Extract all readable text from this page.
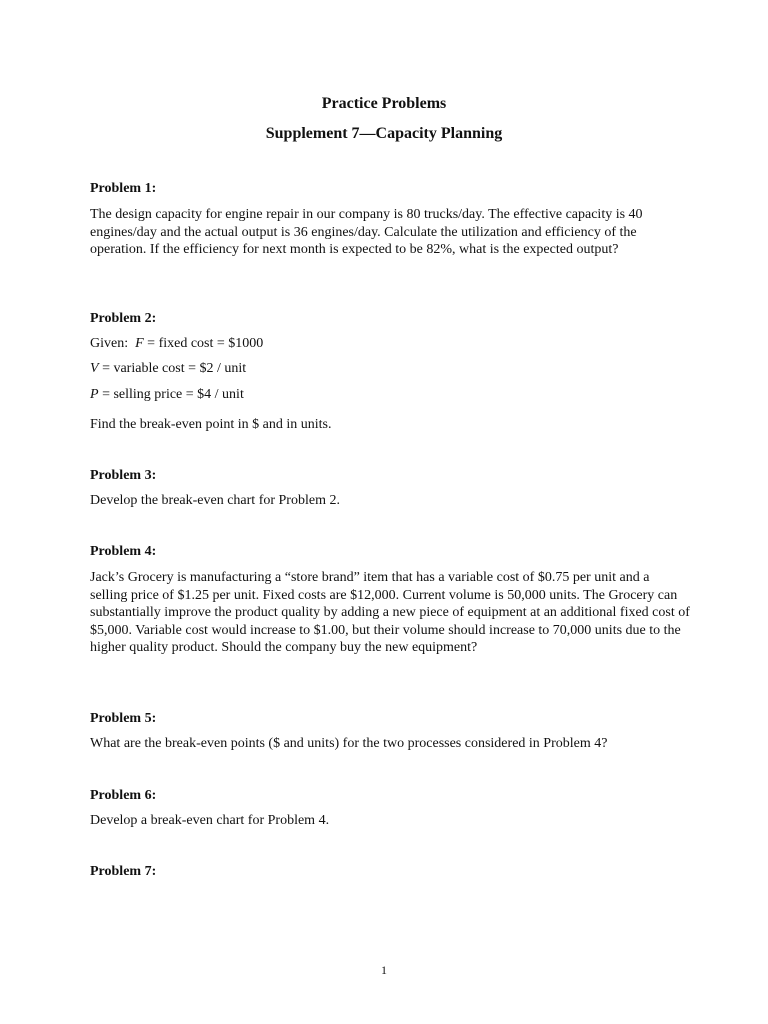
Practice Problems
Supplement 7—Capacity Planning

Problem 1:

The design capacity for engine repair in our company is 80 trucks/day. The effective capacity is 40 engines/day and the actual output is 36 engines/day. Calculate the utilization and efficiency of the operation. If the efficiency for next month is expected to be 82%, what is the expected output?

Problem 2:

Given: F = fixed cost = $1000

V = variable cost = $2 / unit

P = selling price = $4 / unit

Find the break-even point in $ and in units.

Problem 3:

Develop the break-even chart for Problem 2.

Problem 4:

Jack’s Grocery is manufacturing a “store brand” item that has a variable cost of $0.75 per unit and a selling price of $1.25 per unit. Fixed costs are $12,000. Current volume is 50,000 units. The Grocery can substantially improve the product quality by adding a new piece of equipment at an additional fixed cost of $5,000. Variable cost would increase to $1.00, but their volume should increase to 70,000 units due to the higher quality product. Should the company buy the new equipment?

Problem 5:

What are the break-even points ($ and units) for the two processes considered in Problem 4?

Problem 6:

Develop a break-even chart for Problem 4.

Problem 7:

1
